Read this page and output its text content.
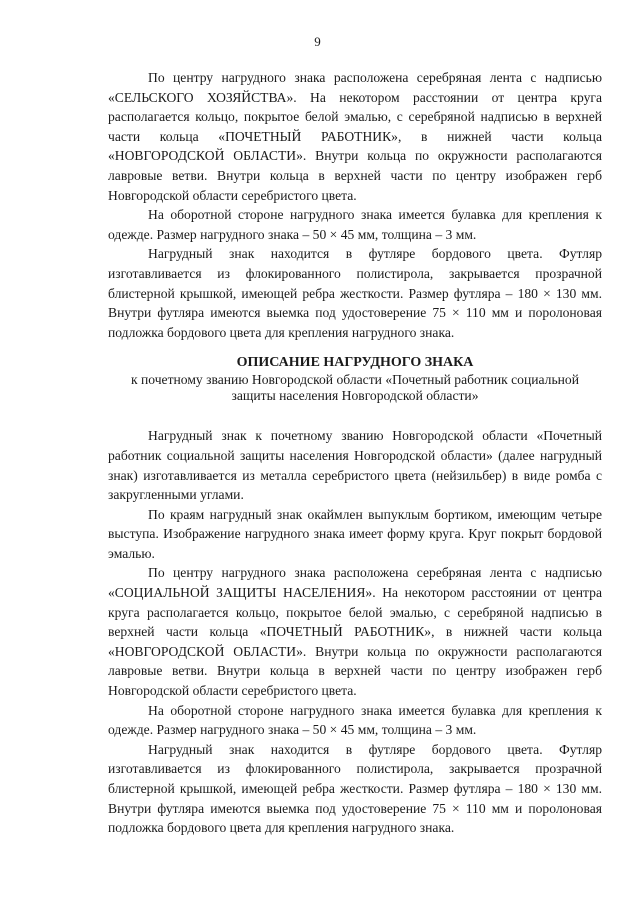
9

По центру нагрудного знака расположена серебряная лента с надписью «СЕЛЬСКОГО ХОЗЯЙСТВА». На некотором расстоянии от центра круга располагается кольцо, покрытое белой эмалью, с серебряной надписью в верхней части кольца «ПОЧЕТНЫЙ РАБОТНИК», в нижней части кольца «НОВГОРОДСКОЙ ОБЛАСТИ». Внутри кольца по окружности располагаются лавровые ветви. Внутри кольца в верхней части по центру изображен герб Новгородской области серебристого цвета.

На оборотной стороне нагрудного знака имеется булавка для крепления к одежде. Размер нагрудного знака – 50 × 45 мм, толщина – 3 мм.

Нагрудный знак находится в футляре бордового цвета. Футляр изготавливается из флокированного полистирола, закрывается прозрачной блистерной крышкой, имеющей ребра жесткости. Размер футляра – 180 × 130 мм. Внутри футляра имеются выемка под удостоверение 75 × 110 мм и поролоновая подложка бордового цвета для крепления нагрудного знака.

ОПИСАНИЕ НАГРУДНОГО ЗНАКА
к почетному званию Новгородской области «Почетный работник социальной защиты населения Новгородской области»

Нагрудный знак к почетному званию Новгородской области «Почетный работник социальной защиты населения Новгородской области» (далее нагрудный знак) изготавливается из металла серебристого цвета (нейзильбер) в виде ромба с закругленными углами.

По краям нагрудный знак окаймлен выпуклым бортиком, имеющим четыре выступа. Изображение нагрудного знака имеет форму круга. Круг покрыт бордовой эмалью.

По центру нагрудного знака расположена серебряная лента с надписью «СОЦИАЛЬНОЙ ЗАЩИТЫ НАСЕЛЕНИЯ». На некотором расстоянии от центра круга располагается кольцо, покрытое белой эмалью, с серебряной надписью в верхней части кольца «ПОЧЕТНЫЙ РАБОТНИК», в нижней части кольца «НОВГОРОДСКОЙ ОБЛАСТИ». Внутри кольца по окружности располагаются лавровые ветви. Внутри кольца в верхней части по центру изображен герб Новгородской области серебристого цвета.

На оборотной стороне нагрудного знака имеется булавка для крепления к одежде. Размер нагрудного знака – 50 × 45 мм, толщина – 3 мм.

Нагрудный знак находится в футляре бордового цвета. Футляр изготавливается из флокированного полистирола, закрывается прозрачной блистерной крышкой, имеющей ребра жесткости. Размер футляра – 180 × 130 мм. Внутри футляра имеются выемка под удостоверение 75 × 110 мм и поролоновая подложка бордового цвета для крепления нагрудного знака.
